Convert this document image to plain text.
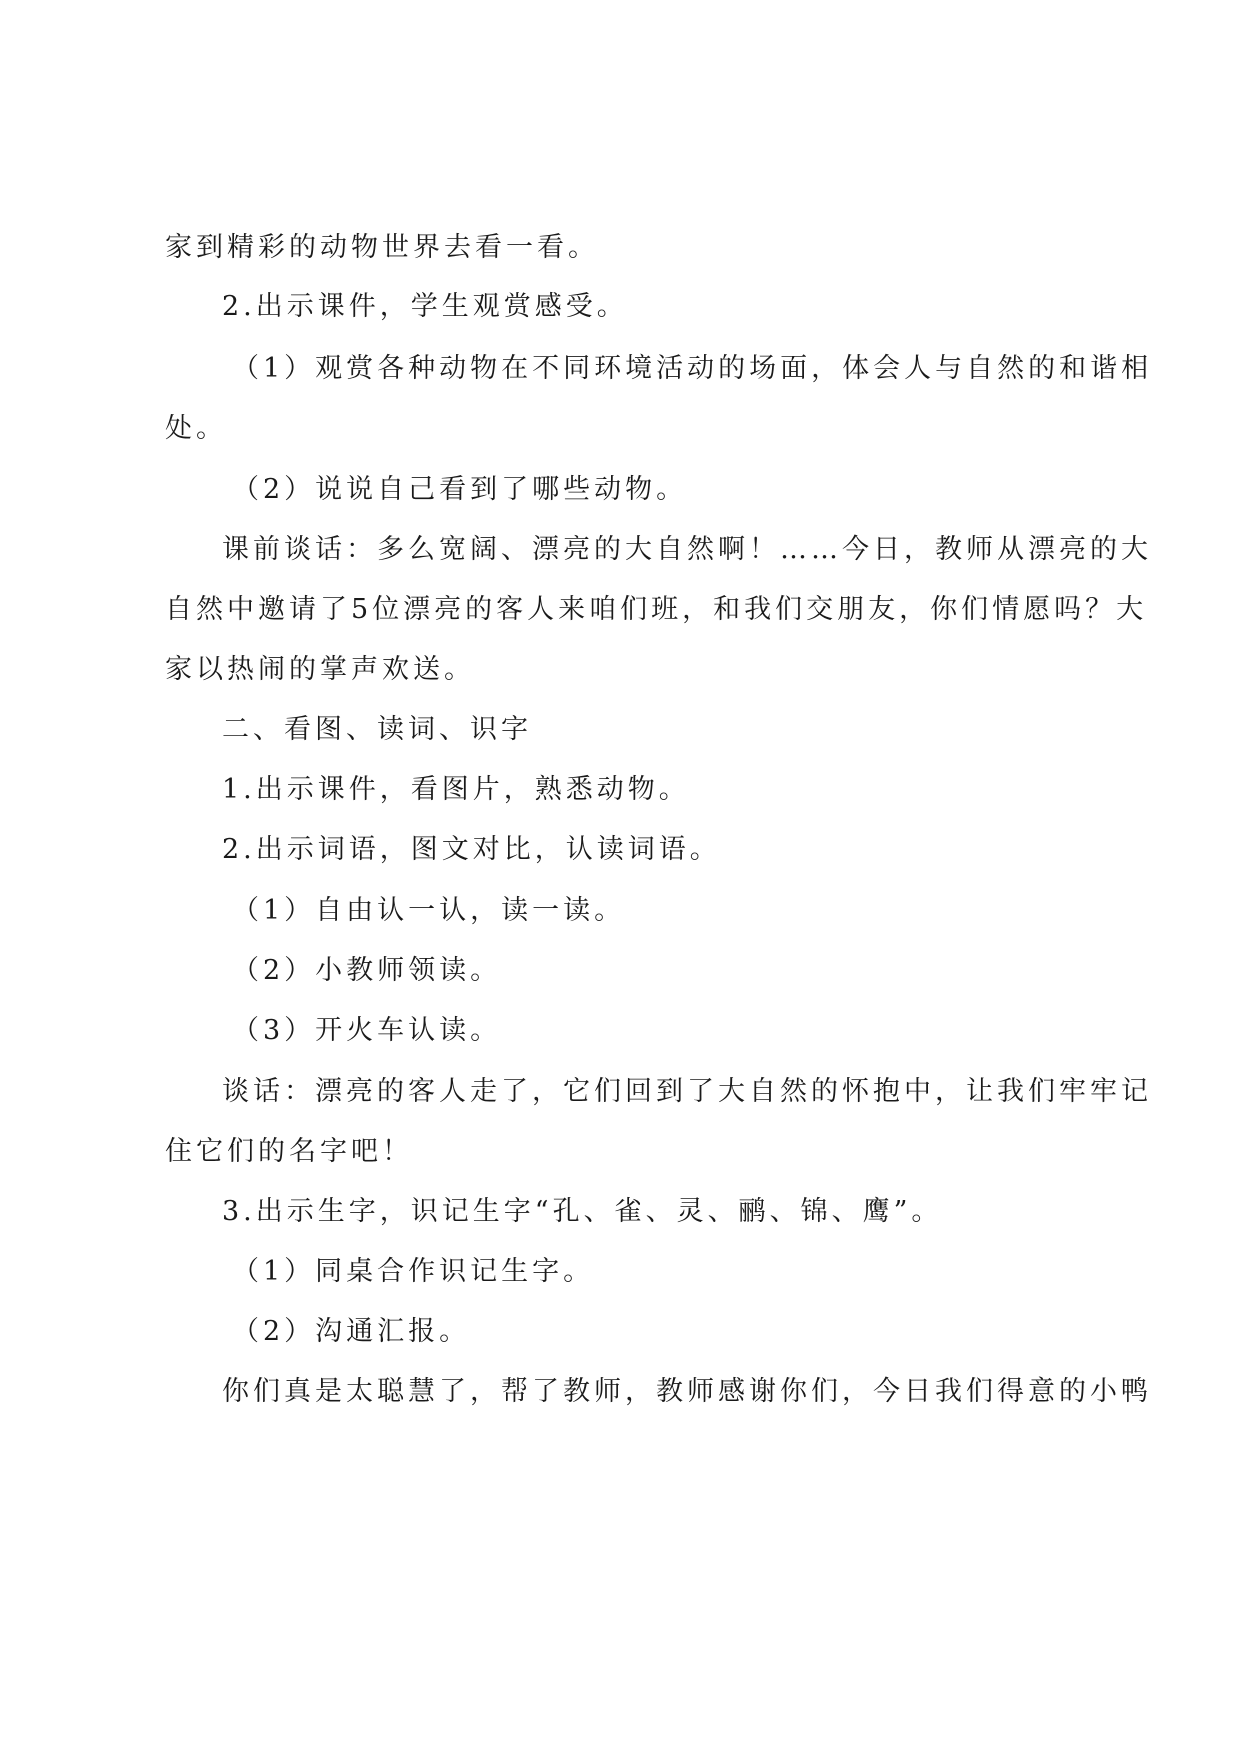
家到精彩的动物世界去看一看。
2.出示课件，学生观赏感受。
（1）观赏各种动物在不同环境活动的场面，体会人与自然的和谐相
处。
（2）说说自己看到了哪些动物。
课前谈话：多么宽阔、漂亮的大自然啊！……今日，教师从漂亮的大
自然中邀请了5位漂亮的客人来咱们班，和我们交朋友，你们情愿吗？大
家以热闹的掌声欢送。
二、看图、读词、识字
1.出示课件，看图片，熟悉动物。
2.出示词语，图文对比，认读词语。
（1）自由认一认，读一读。
（2）小教师领读。
（3）开火车认读。
谈话：漂亮的客人走了，它们回到了大自然的怀抱中，让我们牢牢记
住它们的名字吧！
3.出示生字，识记生字“孔、雀、灵、鹂、锦、鹰”。
（1）同桌合作识记生字。
（2）沟通汇报。
你们真是太聪慧了，帮了教师，教师感谢你们，今日我们得意的小鸭
